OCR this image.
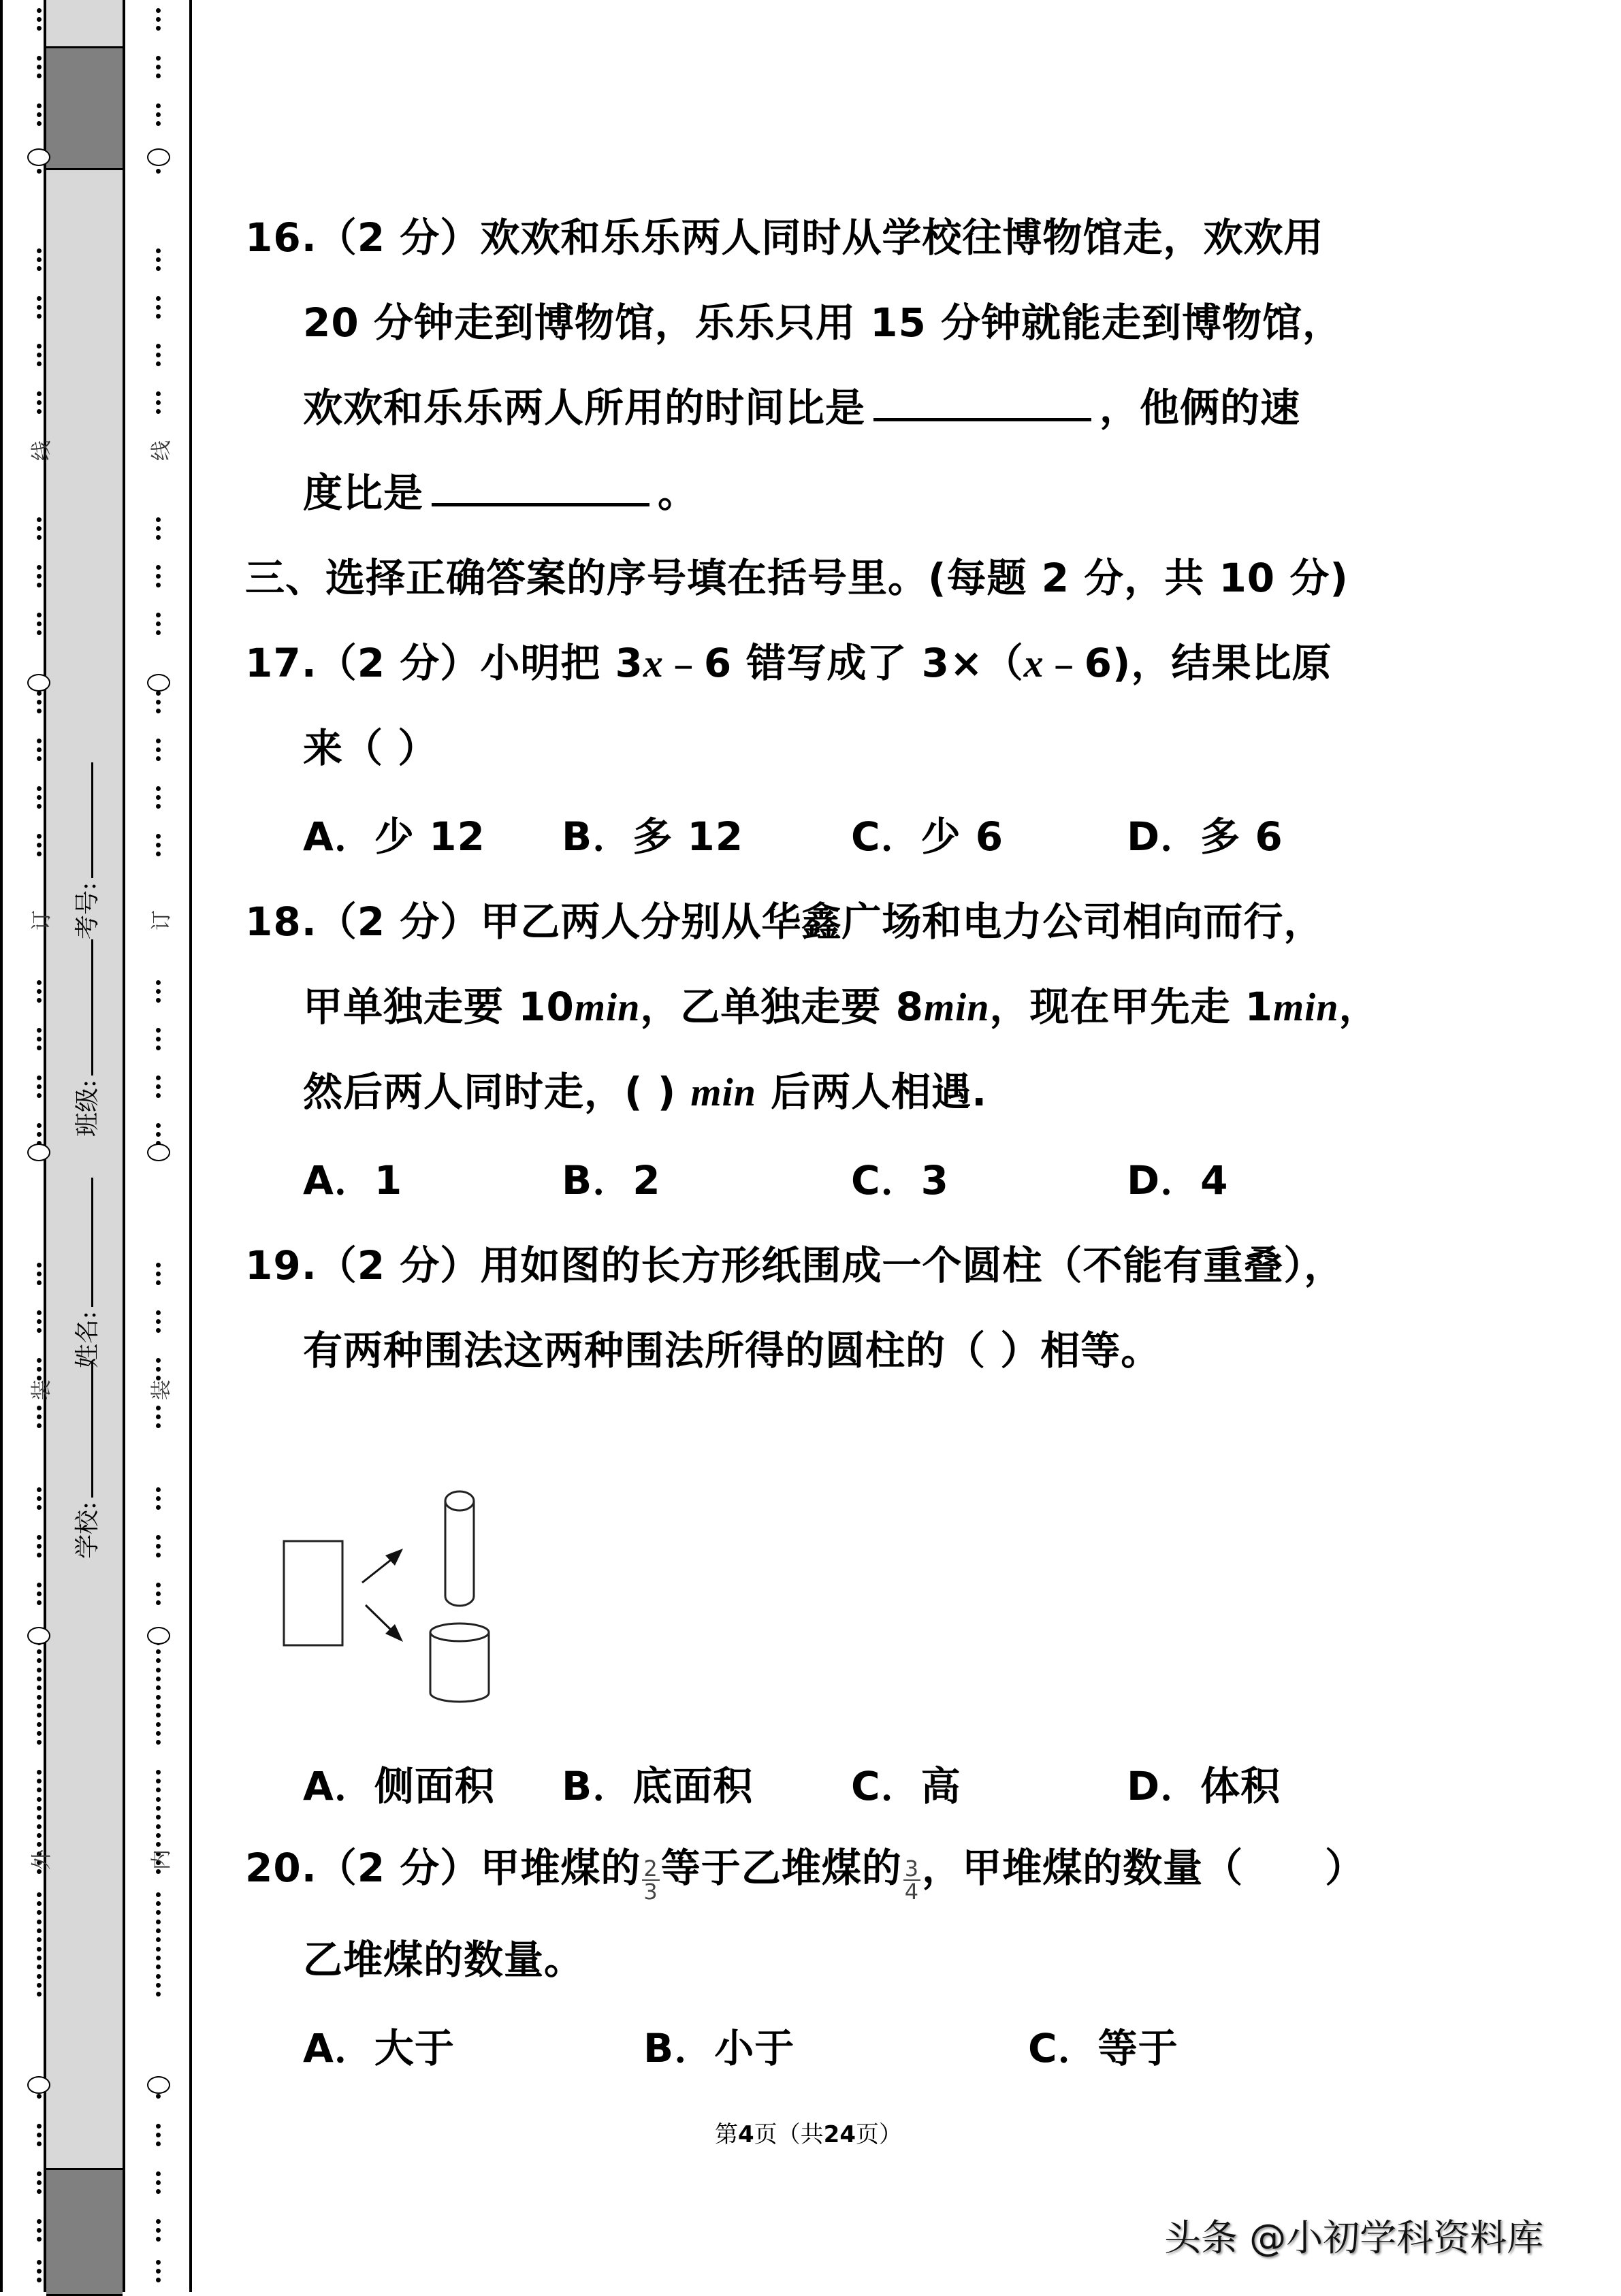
学校:
姓名:
班级:
考号:
线
订
装
外
线
订
装
内
16.（2 分）欢欢和乐乐两人同时从学校往博物馆走，欢欢用
20 分钟走到博物馆，乐乐只用 15 分钟就能走到博物馆，
欢欢和乐乐两人所用的时间比是	，他俩的速
度比是	。
三、选择正确答案的序号填在括号里。(每题 2 分，共 10 分)
17.（2 分）小明把 3x﹣6 错写成了 3×（x﹣6)，结果比原
来（ ）
A．少 12 B．多 12	C．少 6	D．多 6
18.（2 分）甲乙两人分别从华鑫广场和电力公司相向而行，
甲单独走要 10min，乙单独走要 8min，现在甲先走 1min，
然后两人同时走，( ) min 后两人相遇.
A．1	B．2	C．3	D．4
19.（2 分）用如图的长方形纸围成一个圆柱（不能有重叠），
有两种围法这两种围法所得的圆柱的（ ）相等。
A．侧面积 B．底面积 C．高	D．体积
20.（2 分）甲堆煤的 $\frac{2}{3}$ 等于乙堆煤的 $\frac{3}{4}$ ，甲堆煤的数量（ ）
乙堆煤的数量。
A．大于	B．小于	C．等于
第4页（共24页）
头条 @小初学科资料库
